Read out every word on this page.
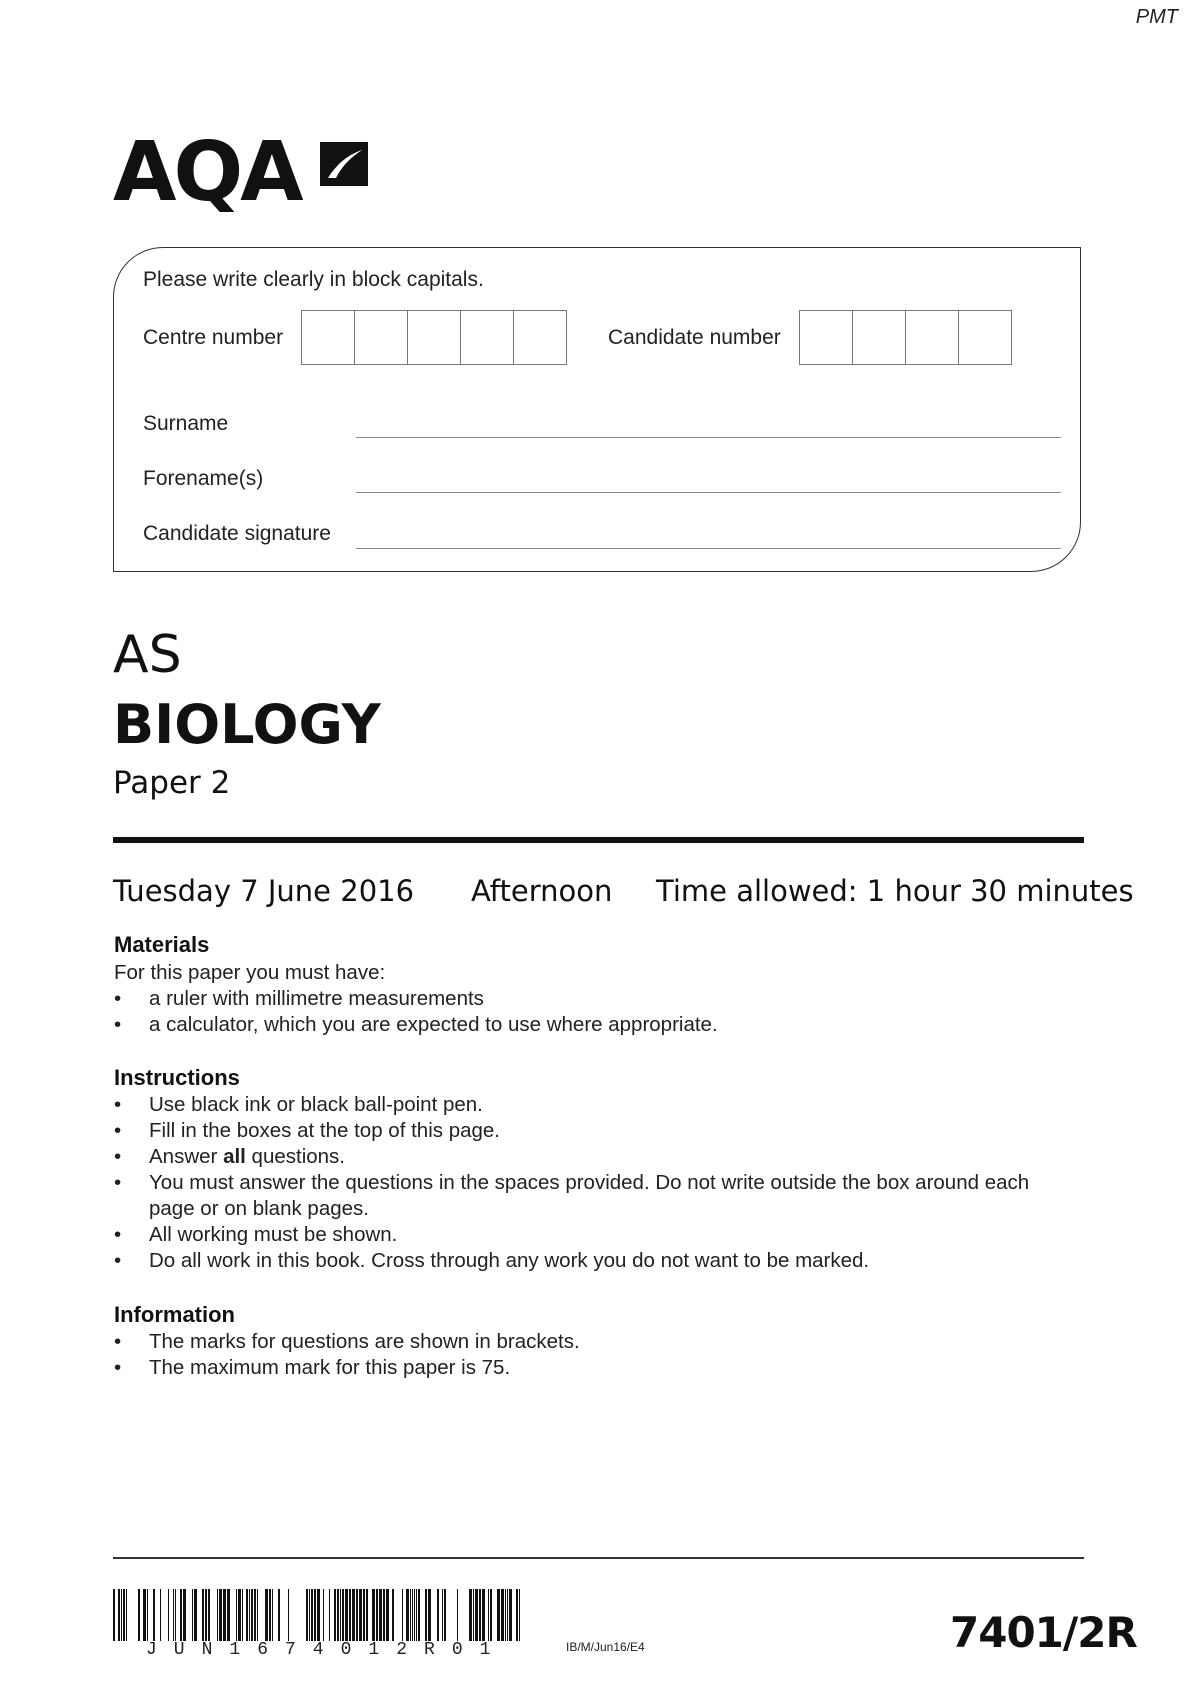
PMT
AQA
Please write clearly in block capitals.
Centre number	Candidate number
Surname
Forename(s)
Candidate signature
AS
BIOLOGY
Paper 2
Tuesday 7 June 2016 Afternoon Time allowed: 1 hour 30 minutes
Materials
For this paper you must have:
• a ruler with millimetre measurements
• a calculator, which you are expected to use where appropriate.
Instructions
• Use black ink or black ball-point pen.
• Fill in the boxes at the top of this page.
• Answer all questions.
• You must answer the questions in the spaces provided. Do not write outside the box around each page or on blank pages.
• All working must be shown.
• Do all work in this book. Cross through any work you do not want to be marked.
Information
• The marks for questions are shown in brackets.
• The maximum mark for this paper is 75.
JUN1674012R01	IB/M/Jun16/E4	7401/2R
